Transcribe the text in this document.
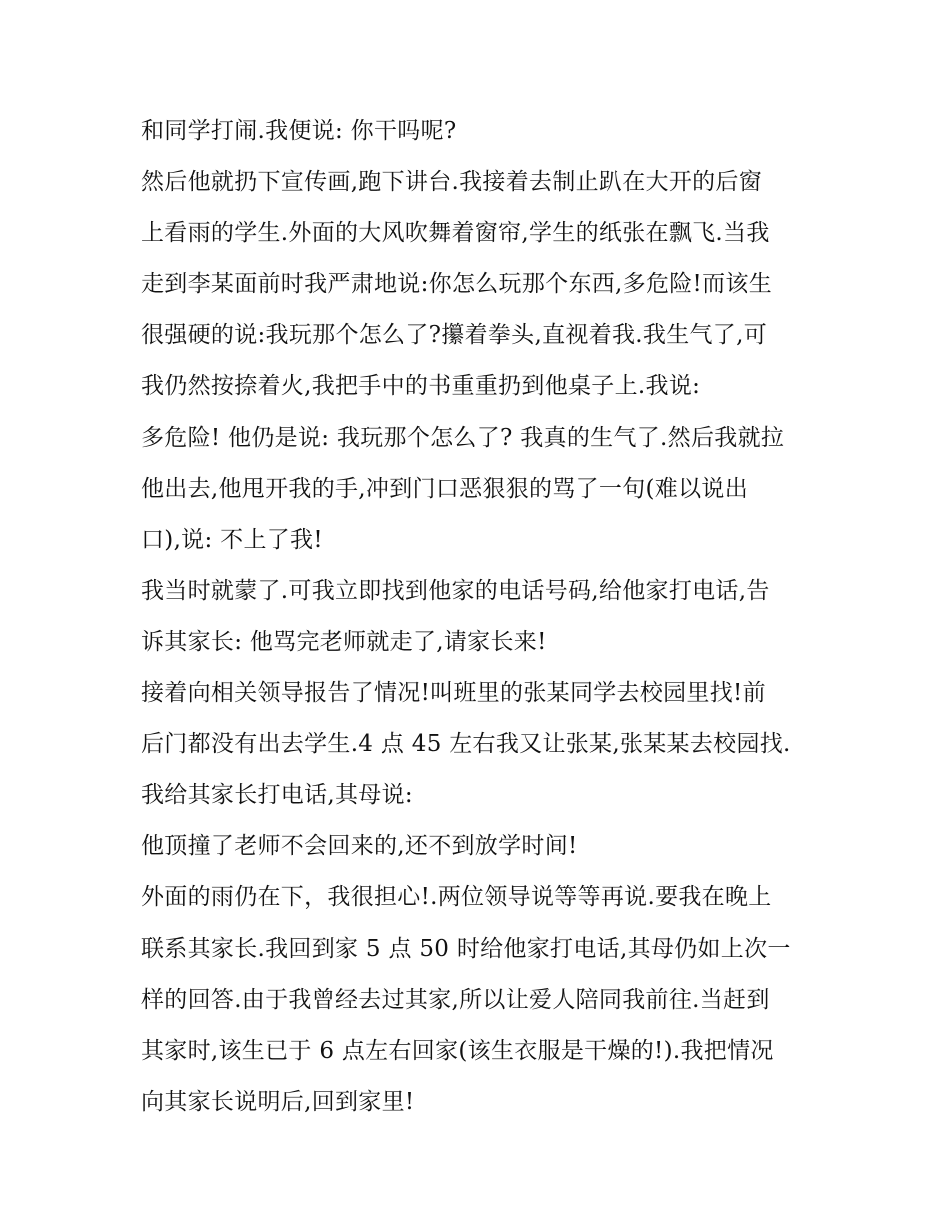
和同学打闹.我便说: 你干吗呢?
然后他就扔下宣传画,跑下讲台.我接着去制止趴在大开的后窗
上看雨的学生.外面的大风吹舞着窗帘,学生的纸张在飘飞.当我
走到李某面前时我严肃地说:你怎么玩那个东西,多危险!而该生
很强硬的说:我玩那个怎么了?攥着拳头,直视着我.我生气了,可
我仍然按捺着火,我把手中的书重重扔到他桌子上.我说:
多危险! 他仍是说: 我玩那个怎么了? 我真的生气了.然后我就拉
他出去,他甩开我的手,冲到门口恶狠狠的骂了一句(难以说出
口),说: 不上了我!
我当时就蒙了.可我立即找到他家的电话号码,给他家打电话,告
诉其家长: 他骂完老师就走了,请家长来!
接着向相关领导报告了情况!叫班里的张某同学去校园里找!前
后门都没有出去学生.4 点 45 左右我又让张某,张某某去校园找.
我给其家长打电话,其母说:
他顶撞了老师不会回来的,还不到放学时间!
外面的雨仍在下，我很担心!.两位领导说等等再说.要我在晚上
联系其家长.我回到家 5 点 50 时给他家打电话,其母仍如上次一
样的回答.由于我曾经去过其家,所以让爱人陪同我前往.当赶到
其家时,该生已于 6 点左右回家(该生衣服是干燥的!).我把情况
向其家长说明后,回到家里!
